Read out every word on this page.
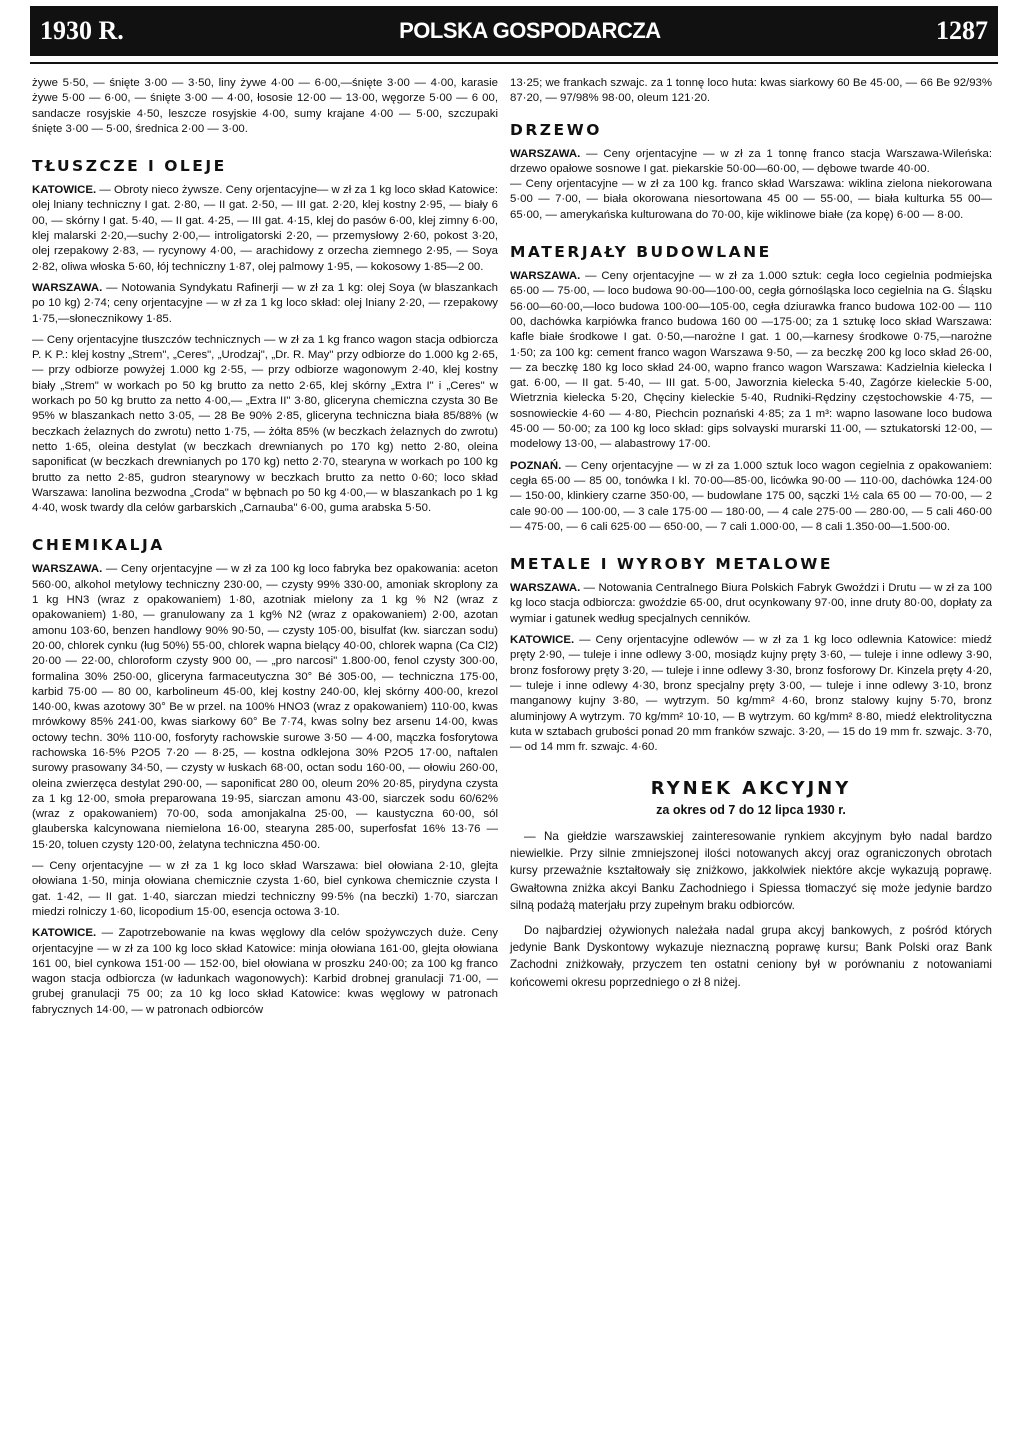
1930 R.	POLSKA GOSPODARCZA	1287

żywe 5·50, — śnięte 3·00 — 3·50, liny żywe 4·00 — 6·00,—śnięte 3·00 — 4·00, karasie żywe 5·00 — 6·00, — śnięte 3·00 — 4·00, łososie 12·00 — 13·00, węgorze 5·00 — 6 00, sandacze rosyjskie 4·50, leszcze rosyjskie 4·00, sumy krajane 4·00 — 5·00, szczupaki śnięte 3·00 — 5·00, średnica 2·00 — 3·00.

TŁUSZCZE I OLEJE

KATOWICE. — Obroty nieco żywsze. Ceny orjentacyjne— w zł za 1 kg loco skład Katowice: olej lniany techniczny I gat. 2·80, — II gat. 2·50, — III gat. 2·20, klej kostny 2·95, — biały 6 00, — skórny I gat. 5·40, — II gat. 4·25, — III gat. 4·15, klej do pasów 6·00, klej zimny 6·00, klej malarski 2·20,—suchy 2·00,— introligatorski 2·20, — przemysłowy 2·60, pokost 3·20, olej rzepakowy 2·83, — rycynowy 4·00, — arachidowy z orzecha ziemnego 2·95, — Soya 2·82, oliwa włoska 5·60, łój techniczny 1·87, olej palmowy 1·95, — kokosowy 1·85—2 00.

WARSZAWA. — Notowania Syndykatu Rafinerji — w zł za 1 kg: olej Soya (w blaszankach po 10 kg) 2·74; ceny orjentacyjne — w zł za 1 kg loco skład: olej lniany 2·20, — rzepakowy 1·75,—słonecznikowy 1·85.

— Ceny orjentacyjne tłuszczów technicznych — w zł za 1 kg franco wagon stacja odbiorcza P. K P.: klej kostny „Strem", „Ceres", „Urodzaj", „Dr. R. May" przy odbiorze do 1.000 kg 2·65,— przy odbiorze powyżej 1.000 kg 2·55, — przy odbiorze wagonowym 2·40, klej kostny biały „Strem" w workach po 50 kg brutto za netto 2·65, klej skórny „Extra I" i „Ceres" w workach po 50 kg brutto za netto 4·00,— „Extra II" 3·80, gliceryna chemiczna czysta 30 Be 95% w blaszankach netto 3·05, — 28 Be 90% 2·85, gliceryna techniczna biała 85/88% (w beczkach żelaznych do zwrotu) netto 1·75, — żółta 85% (w beczkach żelaznych do zwrotu) netto 1·65, oleina destylat (w beczkach drewnianych po 170 kg) netto 2·80, oleina saponificat (w beczkach drewnianych po 170 kg) netto 2·70, stearyna w workach po 100 kg brutto za netto 2·85, gudron stearynowy w beczkach brutto za netto 0·60; loco skład Warszawa: lanolina bezwodna „Croda" w bębnach po 50 kg 4·00,— w blaszankach po 1 kg 4·40, wosk twardy dla celów garbarskich „Carnauba" 6·00, guma arabska 5·50.

CHEMIKALJA

WARSZAWA. — Ceny orjentacyjne — w zł za 100 kg loco fabryka bez opakowania: aceton 560·00, alkohol metylowy techniczny 230·00, — czysty 99% 330·00, amoniak skroplony za 1 kg HN3 (wraz z opakowaniem) 1·80, azotniak mielony za 1 kg % N2 (wraz z opakowaniem) 1·80, — granulowany za 1 kg% N2 (wraz z opakowaniem) 2·00, azotan amonu 103·60, benzen handlowy 90% 90·50, — czysty 105·00, bisulfat (kw. siarczan sodu) 20·00, chlorek cynku (ług 50%) 55·00, chlorek wapna bielący 40·00, chlorek wapna (Ca Cl2) 20·00 — 22·00, chloroform czysty 900 00, — „pro narcosi" 1.800·00, fenol czysty 300·00, formalina 30% 250·00, gliceryna farmaceutyczna 30° Bé 305·00, — techniczna 175·00, karbid 75·00 — 80 00, karbolineum 45·00, klej kostny 240·00, klej skórny 400·00, krezol 140·00, kwas azotowy 30° Be w przel. na 100% HNO3 (wraz z opakowaniem) 110·00, kwas mrówkowy 85% 241·00, kwas siarkowy 60° Be 7·74, kwas solny bez arsenu 14·00, kwas octowy techn. 30% 110·00, fosforyty rachowskie surowe 3·50 — 4·00, mączka fosforytowa rachowska 16·5% P2O5 7·20 — 8·25, — kostna odklejona 30% P2O5 17·00, naftalen surowy prasowany 34·50, — czysty w łuskach 68·00, octan sodu 160·00, — ołowiu 260·00, oleina zwierzęca destylat 290·00, — saponificat 280 00, oleum 20% 20·85, pirydyna czysta za 1 kg 12·00, smoła preparowana 19·95, siarczan amonu 43·00, siarczek sodu 60/62% (wraz z opakowaniem) 70·00, soda amonjakalna 25·00, — kaustyczna 60·00, sól glauberska kalcynowana niemielona 16·00, stearyna 285·00, superfosfat 16% 13·76 — 15·20, toluen czysty 120·00, żelatyna techniczna 450·00.

— Ceny orjentacyjne — w zł za 1 kg loco skład Warszawa: biel ołowiana 2·10, glejta ołowiana 1·50, minja ołowiana chemicznie czysta 1·60, biel cynkowa chemicznie czysta I gat. 1·42, — II gat. 1·40, siarczan miedzi techniczny 99·5% (na beczki) 1·70, siarczan miedzi rolniczy 1·60, licopodium 15·00, esencja octowa 3·10.

KATOWICE. — Zapotrzebowanie na kwas węglowy dla celów spożywczych duże. Ceny orjentacyjne — w zł za 100 kg loco skład Katowice: minja ołowiana 161·00, glejta ołowiana 161 00, biel cynkowa 151·00 — 152·00, biel ołowiana w proszku 240·00; za 100 kg franco wagon stacja odbiorcza (w ładunkach wagonowych): Karbid drobnej granulacji 71·00, — grubej granulacji 75 00; za 10 kg loco skład Katowice: kwas węglowy w patronach fabrycznych 14·00, — w patronach odbiorców

13·25; we frankach szwajc. za 1 tonnę loco huta: kwas siarkowy 60 Be 45·00, — 66 Be 92/93% 87·20, — 97/98% 98·00, oleum 121·20.

DRZEWO

WARSZAWA. — Ceny orjentacyjne — w zł za 1 tonnę franco stacja Warszawa-Wileńska: drzewo opałowe sosnowe I gat. piekarskie 50·00—60·00, — dębowe twarde 40·00.

— Ceny orjentacyjne — w zł za 100 kg. franco skład Warszawa: wiklina zielona niekorowana 5·00 — 7·00, — biała okorowana niesortowana 45 00 — 55·00, — biała kulturka 55 00— 65·00, — amerykańska kulturowana do 70·00, kije wiklinowe białe (za kopę) 6·00 — 8·00.

MATERJAŁY BUDOWLANE

WARSZAWA. — Ceny orjentacyjne — w zł za 1.000 sztuk: cegła loco cegielnia podmiejska 65·00 — 75·00, — loco budowa 90·00—100·00, cegła górnośląska loco cegielnia na G. Śląsku 56·00—60·00,—loco budowa 100·00—105·00, cegła dziurawka franco budowa 102·00 — 110 00, dachówka karpiówka franco budowa 160 00 —175·00; za 1 sztukę loco skład Warszawa: kafle białe środkowe I gat. 0·50,—narożne I gat. 1 00,—karnesy środkowe 0·75,—narożne 1·50; za 100 kg: cement franco wagon Warszawa 9·50, — za beczkę 200 kg loco skład 26·00, — za beczkę 180 kg loco skład 24·00, wapno franco wagon Warszawa: Kadzielnia kielecka I gat. 6·00, — II gat. 5·40, — III gat. 5·00, Jaworznia kielecka 5·40, Zagórze kieleckie 5·00, Wietrznia kielecka 5·20, Chęciny kieleckie 5·40, Rudniki-Rędziny częstochowskie 4·75, — sosnowieckie 4·60 — 4·80, Piechcin poznański 4·85; za 1 m³: wapno lasowane loco budowa 45·00 — 50·00; za 100 kg loco skład: gips solvayski murarski 11·00, — sztukatorski 12·00, — modelowy 13·00, — alabastrowy 17·00.

POZNAŃ. — Ceny orjentacyjne — w zł za 1.000 sztuk loco wagon cegielnia z opakowaniem: cegła 65·00 — 85 00, tonówka I kl. 70·00—85·00, licówka 90·00 — 110·00, dachówka 124·00— 150·00, klinkiery czarne 350·00, — budowlane 175 00, sączki 1½ cala 65 00 — 70·00, — 2 cale 90·00 — 100·00, — 3 cale 175·00 — 180·00, — 4 cale 275·00 — 280·00, — 5 cali 460·00 — 475·00, — 6 cali 625·00 — 650·00, — 7 cali 1.000·00, — 8 cali 1.350·00—1.500·00.

METALE I WYROBY METALOWE

WARSZAWA. — Notowania Centralnego Biura Polskich Fabryk Gwoździ i Drutu — w zł za 100 kg loco stacja odbiorcza: gwoździe 65·00, drut ocynkowany 97·00, inne druty 80·00, dopłaty za wymiar i gatunek według specjalnych cenników.

KATOWICE. — Ceny orjentacyjne odlewów — w zł za 1 kg loco odlewnia Katowice: miedź pręty 2·90, — tuleje i inne odlewy 3·00, mosiądz kujny pręty 3·60, — tuleje i inne odlewy 3·90, bronz fosforowy pręty 3·20, — tuleje i inne odlewy 3·30, bronz fosforowy Dr. Kinzela pręty 4·20, — tuleje i inne odlewy 4·30, bronz specjalny pręty 3·00, — tuleje i inne odlewy 3·10, bronz manganowy kujny 3·80, — wytrzym. 50 kg/mm² 4·60, bronz stalowy kujny 5·70, bronz aluminjowy A wytrzym. 70 kg/mm² 10·10, — B wytrzym. 60 kg/mm² 8·80, miedź elektrolityczna kuta w sztabach grubości ponad 20 mm franków szwajc. 3·20, — 15 do 19 mm fr. szwajc. 3·70, — od 14 mm fr. szwajc. 4·60.

RYNEK AKCYJNY
za okres od 7 do 12 lipca 1930 r.

— Na giełdzie warszawskiej zainteresowanie rynkiem akcyjnym było nadal bardzo niewielkie. Przy silnie zmniejszonej ilości notowanych akcyj oraz ograniczonych obrotach kursy przeważnie kształtowały się zniżkowo, jakkolwiek niektóre akcje wykazują poprawę. Gwałtowna zniżka akcyi Banku Zachodniego i Spiessa tłomaczyć się może jedynie bardzo silną podażą materjału przy zupełnym braku odbiorców.

Do najbardziej ożywionych należała nadal grupa akcyj bankowych, z pośród których jedynie Bank Dyskontowy wykazuje nieznaczną poprawę kursu; Bank Polski oraz Bank Zachodni zniżkowały, przyczem ten ostatni ceniony był w porównaniu z notowaniami końcowemi okresu poprzedniego o zł 8 niżej.
